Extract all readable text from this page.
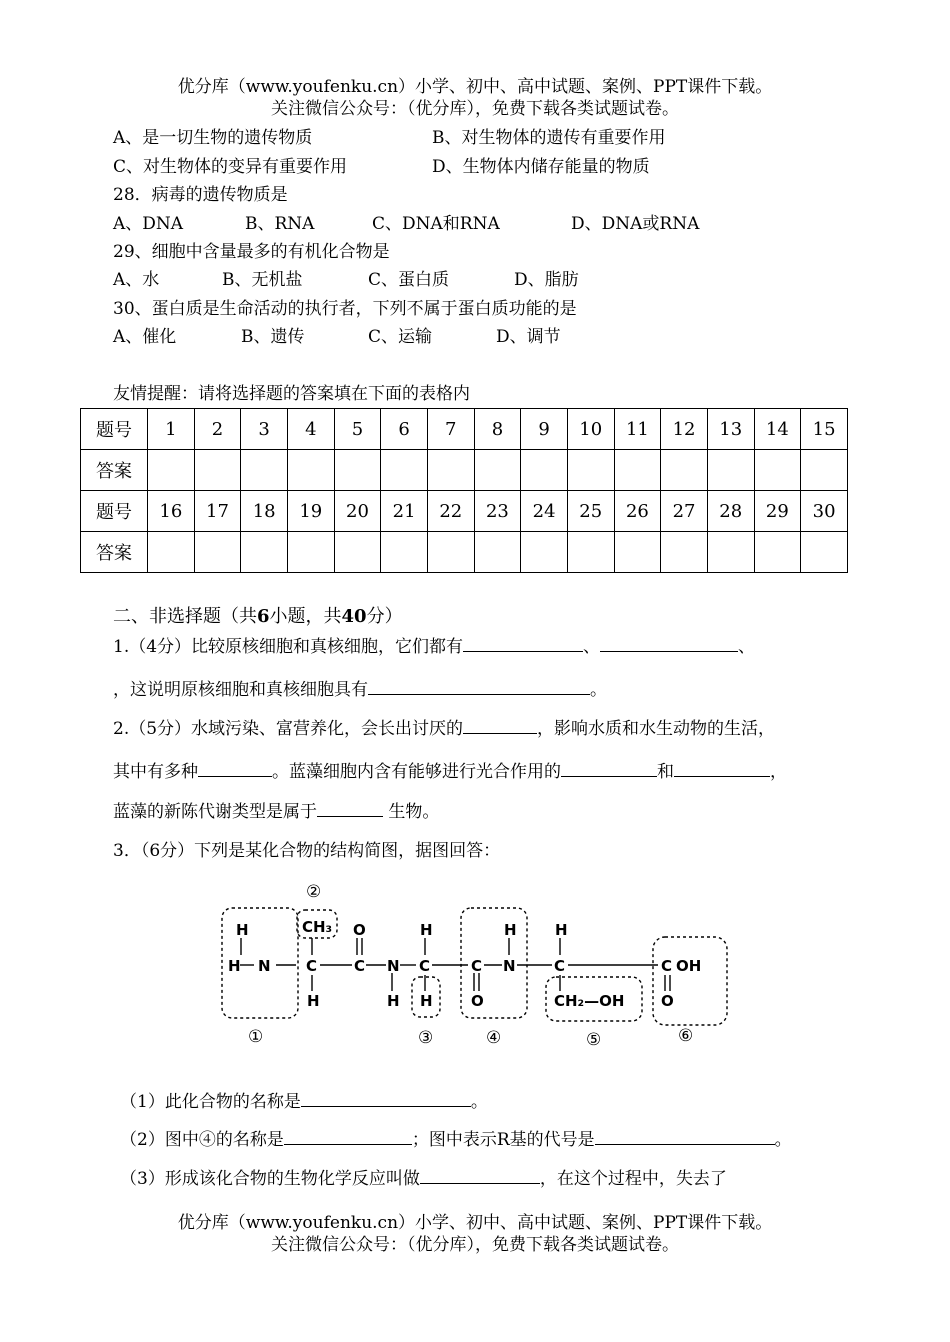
优分库（www.youfenku.cn）小学、初中、高中试题、案例、PPT课件下载。
关注微信公众号：（优分库），免费下载各类试题试卷。
A、是一切生物的遗传物质	B、对生物体的遗传有重要作用
C、对生物体的变异有重要作用	D、生物体内储存能量的物质
28．病毒的遗传物质是
A、DNA	B、RNA	C、DNA和RNA	D、DNA或RNA
29、细胞中含量最多的有机化合物是
A、水	B、无机盐	C、蛋白质	D、脂肪
30、蛋白质是生命活动的执行者，下列不属于蛋白质功能的是
A、催化	B、遗传	C、运输	D、调节
友情提醒：请将选择题的答案填在下面的表格内
题号	1	2	3	4	5	6	7	8	9	10	11	12	13	14	15
答案															
题号	16	17	18	19	20	21	22	23	24	25	26	27	28	29	30
答案															
二、非选择题（共6小题，共40分）
1.（4分）比较原核细胞和真核细胞，它们都有	、	、
，这说明原核细胞和真核细胞具有	。
2.（5分）水域污染、富营养化，会长出讨厌的	，影响水质和水生动物的生活，
其中有多种	。蓝藻细胞内含有能够进行光合作用的	和	，
蓝藻的新陈代谢类型是属于	生物。
3．（6分）下列是某化合物的结构简图，据图回答：
H
H N
CH₃
C
H
O
C N
H
H
C
H
C
O
H
N
H
C
CH₂—OH
C OH
O
①
②
③	④	⑤	⑥
（1）此化合物的名称是	。
（2）图中④的名称是	；图中表示R基的代号是	。
（3）形成该化合物的生物化学反应叫做	，在这个过程中，失去了
优分库（www.youfenku.cn）小学、初中、高中试题、案例、PPT课件下载。
关注微信公众号：（优分库），免费下载各类试题试卷。
